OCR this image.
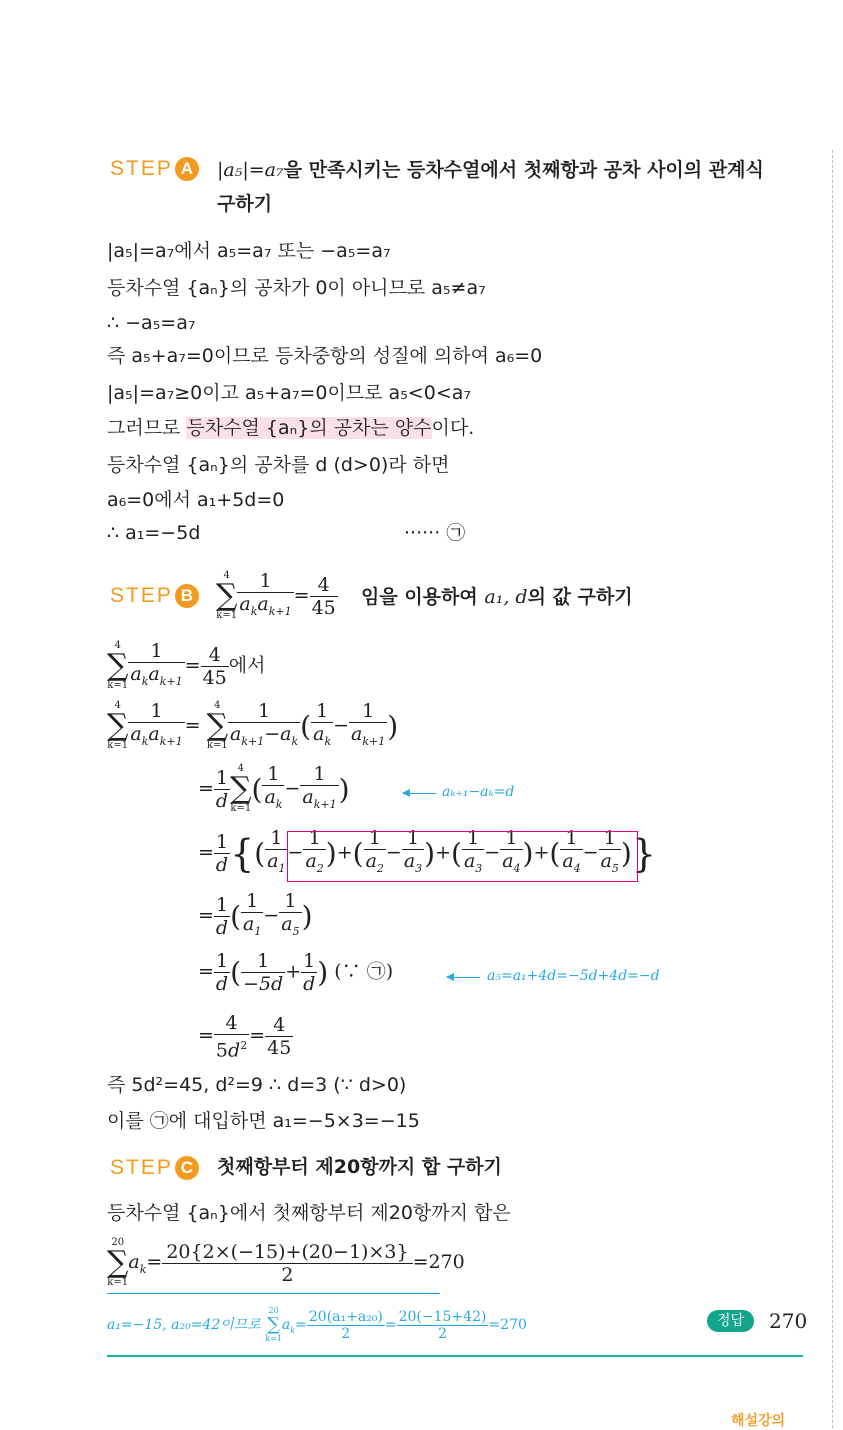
STEP A	|a₅|=a₇을 만족시키는 등차수열에서 첫째항과 공차 사이의 관계식
구하기
|a₅|=a₇에서 a₅=a₇ 또는 −a₅=a₇
등차수열 {aₙ}의 공차가 0이 아니므로 a₅≠a₇
∴ −a₅=a₇
즉 a₅+a₇=0이므로 등차중항의 성질에 의하여 a₆=0
|a₅|=a₇≥0이고 a₅+a₇=0이므로 a₅<0<a₇
그러므로 등차수열 {aₙ}의 공차는 양수이다.
등차수열 {aₙ}의 공차를 d (d>0)라 하면
a₆=0에서 a₁+5d=0
∴ a₁=−5d	······ ㉠
STEP B
4
∑
$k=1 \frac{1}{a_ka_{k+1}} = \frac{4}{45}$ 임을 이용하여 a₁, d의 값 구하기
4
∑
$k=1 \frac{1}{a_ka_{k+1}} = \frac{4}{45}$ 에서
4
∑
$k=1 \frac{1}{a_ka_{k+1}}$ =
4
∑
$k=1 \frac{1}{a_{k+1}-a_k}$ ( $\frac{1}{a_k} - \frac{1}{a_{k+1}}$ )
= $\frac{1}{d} 4$
∑
k=1
( $\frac{1}{a_k} - \frac{1}{a_{k+1}}$ )	aₖ₊₁−aₖ=d
= $\frac{1}{d}$ {( $\frac{1}{a_1} - \frac{1}{a_2}$ )+( $\frac{1}{a_2} - \frac{1}{a_3}$ )+( $\frac{1}{a_3} - \frac{1}{a_4}$ )+( $\frac{1}{a_4} - \frac{1}{a_5}$ )}
= $\frac{1}{d}$ ( $\frac{1}{a_1} - \frac{1}{a_5}$ )
= $\frac{1}{d}$ ( $\frac{1}{-5d} + \frac{1}{d}$ ) (∵ ㉠)	a₅=a₁+4d=−5d+4d=−d
= $\frac{4}{5d^2} = \frac{4}{45}$
즉 5d²=45, d²=9 ∴ d=3 (∵ d>0)
이를 ㉠에 대입하면 a₁=−5×3=−15
STEP C	첫째항부터 제20항까지 합 구하기
등차수열 {aₙ}에서 첫째항부터 제20항까지 합은
20
∑
k=1
$a_k= \frac{20\{2\times(-15)+(20-1)\times 3\}}{2} =270$
a₁=−15, a₂₀=42이므로
20
∑
k=1
$a_k= \frac{\text{20(a₁+a₂₀)}}{2} = \frac{20(-15+42)}{2} =270$	정답	270
해설강의
